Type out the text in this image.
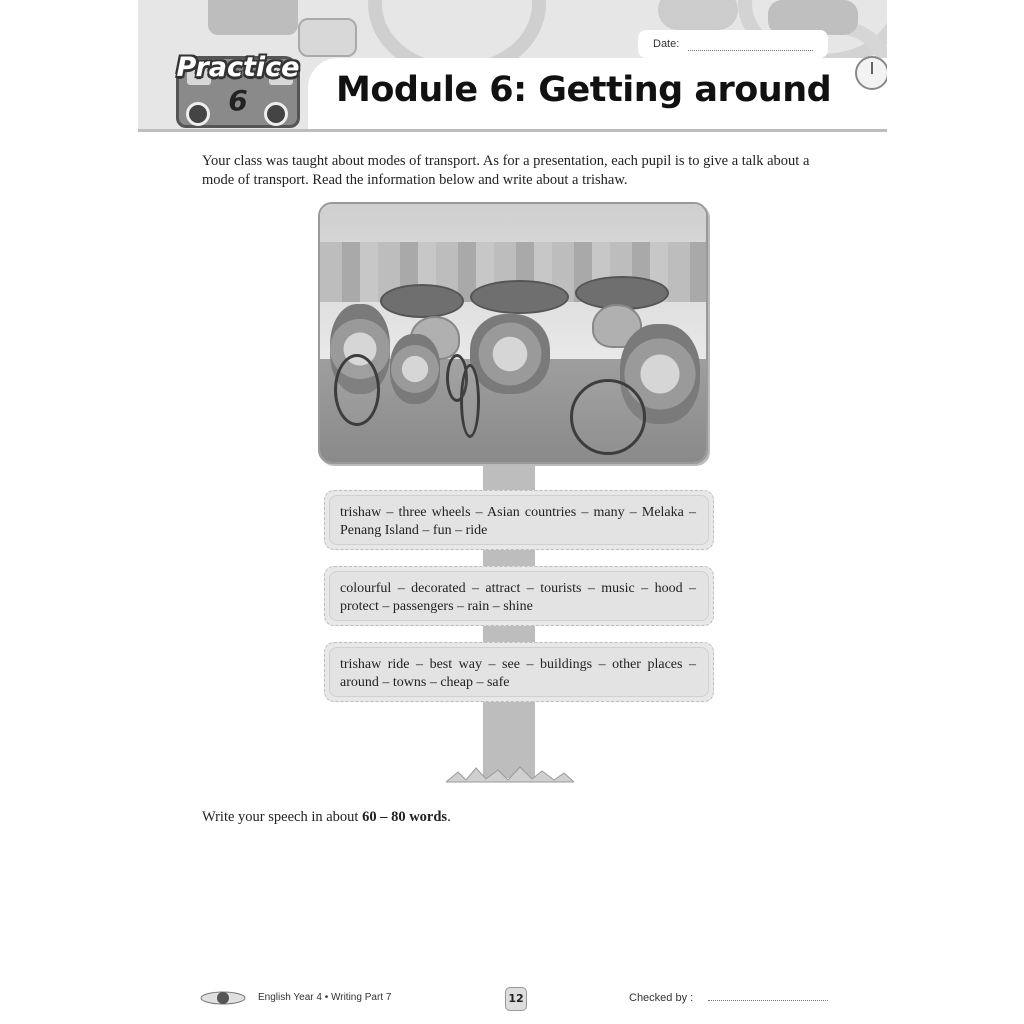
Date:
Practice
6	Module 6: Getting around
Your class was taught about modes of transport. As for a presentation, each pupil is to give a talk about a mode of transport. Read the information below and write about a trishaw.
trishaw – three wheels – Asian countries – many – Melaka – Penang Island – fun – ride
colourful – decorated – attract – tourists – music – hood – protect – passengers – rain – shine
trishaw ride – best way – see – buildings – other places – around – towns – cheap – safe
Write your speech in about 60 – 80 words.
English Year 4 • Writing Part 7	12	Checked by :
